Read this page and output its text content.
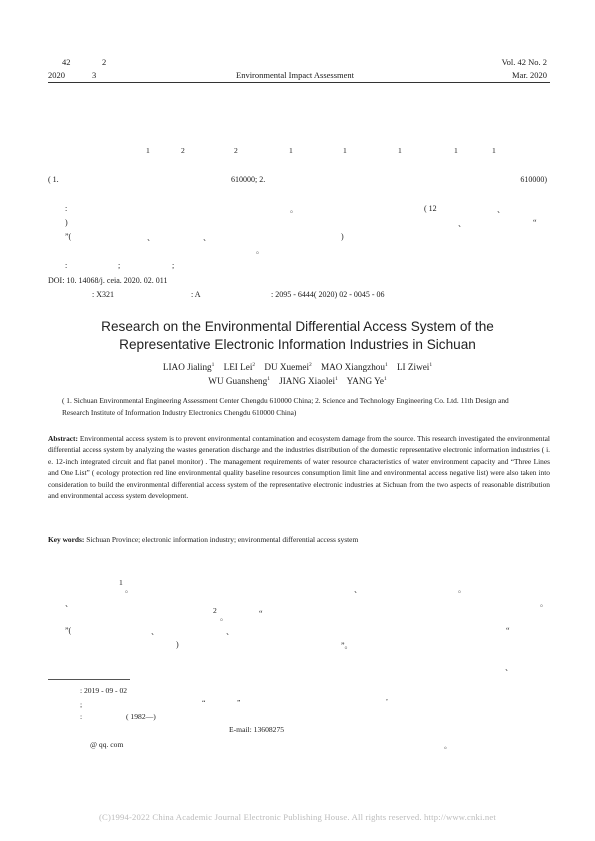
42	2
2020	3	Environmental Impact Assessment
Vol. 42 No. 2
Mar. 2020
1	2	2	1	1	1	1	1
( 1.	610000; 2.	610000)
:	。	( 12	、
)	、	“
”(	、	、	)
。
:	;	;
DOI: 10. 14068/j. ceia. 2020. 02. 011
: X321	: A	: 2095 - 6444( 2020) 02 - 0045 - 06
Research on the Environmental Differential Access System of the Representative Electronic Information Industries in Sichuan
LIAO Jialing$^1$ LEI Lei$^2$ DU Xuemei$^2$ MAO Xiangzhou$^1$ LI Ziwei$^1$
WU Guansheng$^1$ JIANG Xiaolei$^1$ YANG Ye$^1$
( 1. Sichuan Environmental Engineering Assessment Center Chengdu 610000 China; 2. Science and Technology Engineering Co. Ltd. 11th Design and Research Institute of Information Industry Electronics Chengdu 610000 China)
Abstract: Environmental access system is to prevent environmental contamination and ecosystem damage from the source. This research investigated the environmental differential access system by analyzing the wastes generation discharge and the industries distribution of the domestic representative electronic information industries ( i. e. 12-inch integrated circuit and flat panel monitor) . The management requirements of water resource characteristics of water environment capacity and “Three Lines and One List” ( ecology protection red line environmental quality baseline resources consumption limit line and environmental access negative list) were also taken into consideration to build the environmental differential access system of the representative electronic industries at Sichuan from the two aspects of reasonable distribution and environmental access system development.
Key words: Sichuan Province; electronic information industry; environmental differential access system
1
。	、	。
、	。
2
。	“
”(	、	、	“
)	”。
、
: 2019 - 09 - 02
;	“	”
,
:	( 1982—)
E-mail: 13608275
@ qq. com	。
(C)1994-2022 China Academic Journal Electronic Publishing House. All rights reserved. http://www.cnki.net
